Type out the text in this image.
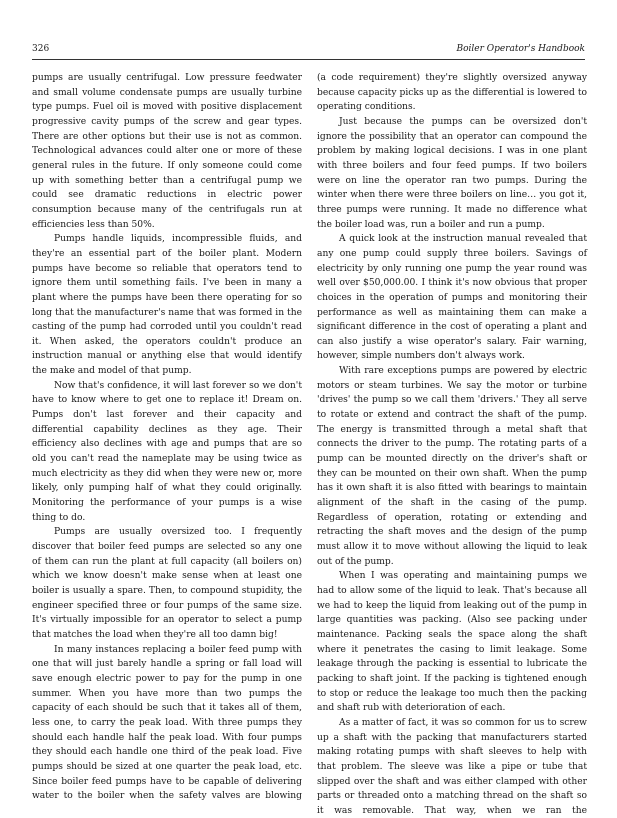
326	Boiler Operator's Handbook

pumps are usually centrifugal. Low pressure feedwater and small volume condensate pumps are usually turbine type pumps. Fuel oil is moved with positive displacement progressive cavity pumps of the screw and gear types. There are other options but their use is not as common. Technological advances could alter one or more of these general rules in the future. If only someone could come up with something better than a centrifugal pump we could see dramatic reductions in electric power consumption because many of the centrifugals run at efficiencies less than 50%.

Pumps handle liquids, incompressible fluids, and they're an essential part of the boiler plant. Modern pumps have become so reliable that operators tend to ignore them until something fails. I've been in many a plant where the pumps have been there operating for so long that the manufacturer's name that was formed in the casting of the pump had corroded until you couldn't read it. When asked, the operators couldn't produce an instruction manual or anything else that would identify the make and model of that pump.

Now that's confidence, it will last forever so we don't have to know where to get one to replace it! Dream on. Pumps don't last forever and their capacity and differential capability declines as they age. Their efficiency also declines with age and pumps that are so old you can't read the nameplate may be using twice as much electricity as they did when they were new or, more likely, only pumping half of what they could originally. Monitoring the performance of your pumps is a wise thing to do.

Pumps are usually oversized too. I frequently discover that boiler feed pumps are selected so any one of them can run the plant at full capacity (all boilers on) which we know doesn't make sense when at least one boiler is usually a spare. Then, to compound stupidity, the engineer specified three or four pumps of the same size. It's virtually impossible for an operator to select a pump that matches the load when they're all too damn big!

In many instances replacing a boiler feed pump with one that will just barely handle a spring or fall load will save enough electric power to pay for the pump in one summer. When you have more than two pumps the capacity of each should be such that it takes all of them, less one, to carry the peak load. With three pumps they should each handle half the peak load. With four pumps they should each handle one third of the peak load. Five pumps should be sized at one quarter the peak load, etc. Since boiler feed pumps have to be capable of delivering water to the boiler when the safety valves are blowing

(a code requirement) they're slightly oversized anyway because capacity picks up as the differential is lowered to operating conditions.

Just because the pumps can be oversized don't ignore the possibility that an operator can compound the problem by making logical decisions. I was in one plant with three boilers and four feed pumps. If two boilers were on line the operator ran two pumps. During the winter when there were three boilers on line… you got it, three pumps were running. It made no difference what the boiler load was, run a boiler and run a pump.

A quick look at the instruction manual revealed that any one pump could supply three boilers. Savings of electricity by only running one pump the year round was well over $50,000.00. I think it's now obvious that proper choices in the operation of pumps and monitoring their performance as well as maintaining them can make a significant difference in the cost of operating a plant and can also justify a wise operator's salary. Fair warning, however, simple numbers don't always work.

With rare exceptions pumps are powered by electric motors or steam turbines. We say the motor or turbine 'drives' the pump so we call them 'drivers.' They all serve to rotate or extend and contract the shaft of the pump. The energy is transmitted through a metal shaft that connects the driver to the pump. The rotating parts of a pump can be mounted directly on the driver's shaft or they can be mounted on their own shaft. When the pump has it own shaft it is also fitted with bearings to maintain alignment of the shaft in the casing of the pump. Regardless of operation, rotating or extending and retracting the shaft moves and the design of the pump must allow it to move without allowing the liquid to leak out of the pump.

When I was operating and maintaining pumps we had to allow some of the liquid to leak. That's because all we had to keep the liquid from leaking out of the pump in large quantities was packing. (Also see packing under maintenance. Packing seals the space along the shaft where it penetrates the casing to limit leakage. Some leakage through the packing is essential to lubricate the packing to shaft joint. If the packing is tightened enough to stop or reduce the leakage too much then the packing and shaft rub with deterioration of each.

As a matter of fact, it was so common for us to screw up a shaft with the packing that manufacturers started making rotating pumps with shaft sleeves to help with that problem. The sleeve was like a pipe or tube that slipped over the shaft and was either clamped with other parts or threaded onto a matching thread on the shaft so it was removable. That way, when we ran the
